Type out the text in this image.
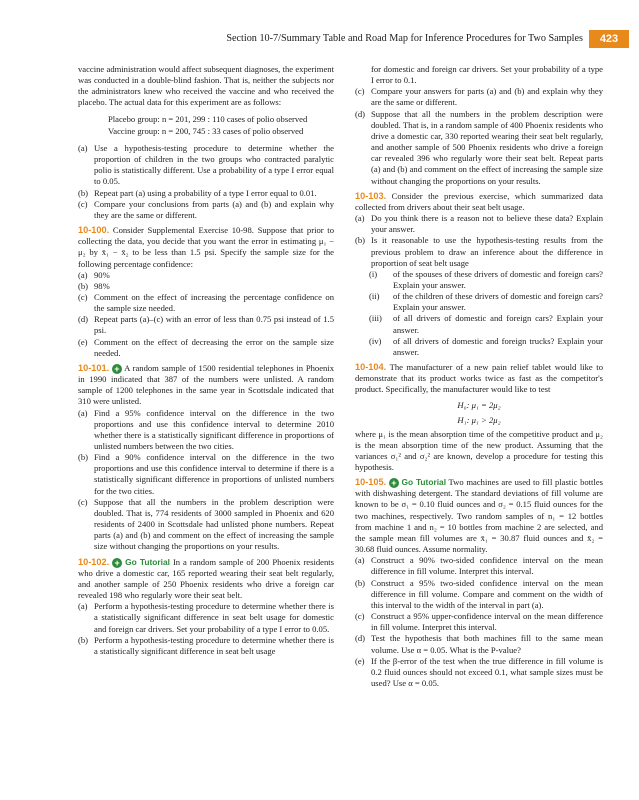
Section 10-7/Summary Table and Road Map for Inference Procedures for Two Samples	423

vaccine administration would affect subsequent diagnoses, the experiment was conducted in a double-blind fashion. That is, neither the subjects nor the administrators knew who received the vaccine and who received the placebo. The actual data for this experiment are as follows:

Placebo group: n = 201, 299 : 110 cases of polio observed

Vaccine group: n = 200, 745 : 33 cases of polio observed

(a) Use a hypothesis-testing procedure to determine whether the proportion of children in the two groups who contracted paralytic polio is statistically different. Use a probability of a type I error equal to 0.05.
(b) Repeat part (a) using a probability of a type I error equal to 0.01.
(c) Compare your conclusions from parts (a) and (b) and explain why they are the same or different.

10-100. Consider Supplemental Exercise 10-98. Suppose that prior to collecting the data, you decide that you want the error in estimating μ₁ − μ₂ by x̄₁ − x̄₂ to be less than 1.5 psi. Specify the sample size for the following percentage confidence:

(a) 90%
(b) 98%
(c) Comment on the effect of increasing the percentage confidence on the sample size needed.
(d) Repeat parts (a)–(c) with an error of less than 0.75 psi instead of 1.5 psi.
(e) Comment on the effect of decreasing the error on the sample size needed.

10-101. + A random sample of 1500 residential telephones in Phoenix in 1990 indicated that 387 of the numbers were unlisted. A random sample of 1200 telephones in the same year in Scottsdale indicated that 310 were unlisted.

(a) Find a 95% confidence interval on the difference in the two proportions and use this confidence interval to determine 2010 whether there is a statistically significant difference in proportions of unlisted numbers between the two cities.
(b) Find a 90% confidence interval on the difference in the two proportions and use this confidence interval to determine if there is a statistically significant difference in proportions of unlisted numbers for the two cities.
(c) Suppose that all the numbers in the problem description were doubled. That is, 774 residents of 3000 sampled in Phoenix and 620 residents of 2400 in Scottsdale had unlisted phone numbers. Repeat parts (a) and (b) and comment on the effect of increasing the sample size without changing the proportions on your results.

10-102. + Go Tutorial In a random sample of 200 Phoenix residents who drive a domestic car, 165 reported wearing their seat belt regularly, and another sample of 250 Phoenix residents who drive a foreign car revealed 198 who regularly wore their seat belt.

(a) Perform a hypothesis-testing procedure to determine whether there is a statistically significant difference in seat belt usage for domestic and foreign car drivers. Set your probability of a type I error to 0.05.
(b) Perform a hypothesis-testing procedure to determine whether there is a statistically significant difference in seat belt usage
for domestic and foreign car drivers. Set your probability of a type I error to 0.1.
(c) Compare your answers for parts (a) and (b) and explain why they are the same or different.
(d) Suppose that all the numbers in the problem description were doubled. That is, in a random sample of 400 Phoenix residents who drive a domestic car, 330 reported wearing their seat belt regularly, and another sample of 500 Phoenix residents who drive a foreign car revealed 396 who regularly wore their seat belt. Repeat parts (a) and (b) and comment on the effect of increasing the sample size without changing the proportions on your results.

10-103. Consider the previous exercise, which summarized data collected from drivers about their seat belt usage.

(a) Do you think there is a reason not to believe these data? Explain your answer.
(b) Is it reasonable to use the hypothesis-testing results from the previous problem to draw an inference about the difference in proportion of seat belt usage
(i) of the spouses of these drivers of domestic and foreign cars? Explain your answer.
(ii) of the children of these drivers of domestic and foreign cars? Explain your answer.
(iii) of all drivers of domestic and foreign cars? Explain your answer.
(iv) of all drivers of domestic and foreign trucks? Explain your answer.

10-104. The manufacturer of a new pain relief tablet would like to demonstrate that its product works twice as fast as the competitor's product. Specifically, the manufacturer would like to test

H₀: μ₁ = 2μ₂

H₁: μ₁ > 2μ₂

where μ₁ is the mean absorption time of the competitive product and μ₂ is the mean absorption time of the new product. Assuming that the variances σ₁² and σ₂² are known, develop a procedure for testing this hypothesis.

10-105. + Go Tutorial Two machines are used to fill plastic bottles with dishwashing detergent. The standard deviations of fill volume are known to be σ₁ = 0.10 fluid ounces and σ₂ = 0.15 fluid ounces for the two machines, respectively. Two random samples of n₁ = 12 bottles from machine 1 and n₂ = 10 bottles from machine 2 are selected, and the sample mean fill volumes are x̄₁ = 30.87 fluid ounces and x̄₂ = 30.68 fluid ounces. Assume normality.

(a) Construct a 90% two-sided confidence interval on the mean difference in fill volume. Interpret this interval.
(b) Construct a 95% two-sided confidence interval on the mean difference in fill volume. Compare and comment on the width of this interval to the width of the interval in part (a).
(c) Construct a 95% upper-confidence interval on the mean difference in fill volume. Interpret this interval.
(d) Test the hypothesis that both machines fill to the same mean volume. Use α = 0.05. What is the P-value?
(e) If the β-error of the test when the true difference in fill volume is 0.2 fluid ounces should not exceed 0.1, what sample sizes must be used? Use α = 0.05.
